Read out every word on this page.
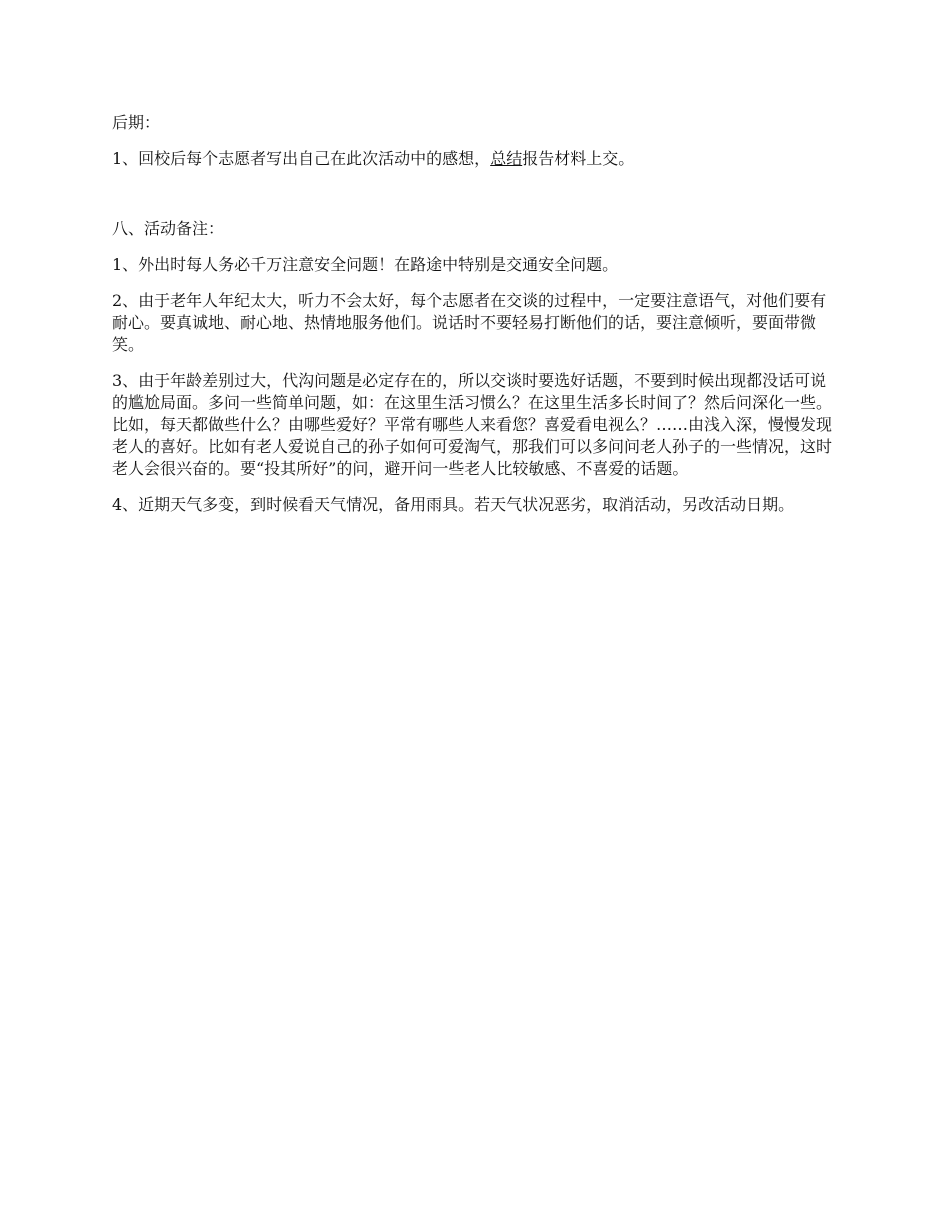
后期：

1、回校后每个志愿者写出自己在此次活动中的感想，总结报告材料上交。

八、活动备注：

1、外出时每人务必千万注意安全问题！在路途中特别是交通安全问题。

2、由于老年人年纪太大，听力不会太好，每个志愿者在交谈的过程中，一定要注意语气，对他们要有耐心。要真诚地、耐心地、热情地服务他们。说话时不要轻易打断他们的话，要注意倾听，要面带微笑。

3、由于年龄差别过大，代沟问题是必定存在的，所以交谈时要选好话题，不要到时候出现都没话可说的尴尬局面。多问一些简单问题，如：在这里生活习惯么？在这里生活多长时间了？然后问深化一些。比如，每天都做些什么？由哪些爱好？平常有哪些人来看您？喜爱看电视么？……由浅入深，慢慢发现老人的喜好。比如有老人爱说自己的孙子如何可爱淘气，那我们可以多问问老人孙子的一些情况，这时老人会很兴奋的。要“投其所好”的问，避开问一些老人比较敏感、不喜爱的话题。

4、近期天气多变，到时候看天气情况，备用雨具。若天气状况恶劣，取消活动，另改活动日期。
